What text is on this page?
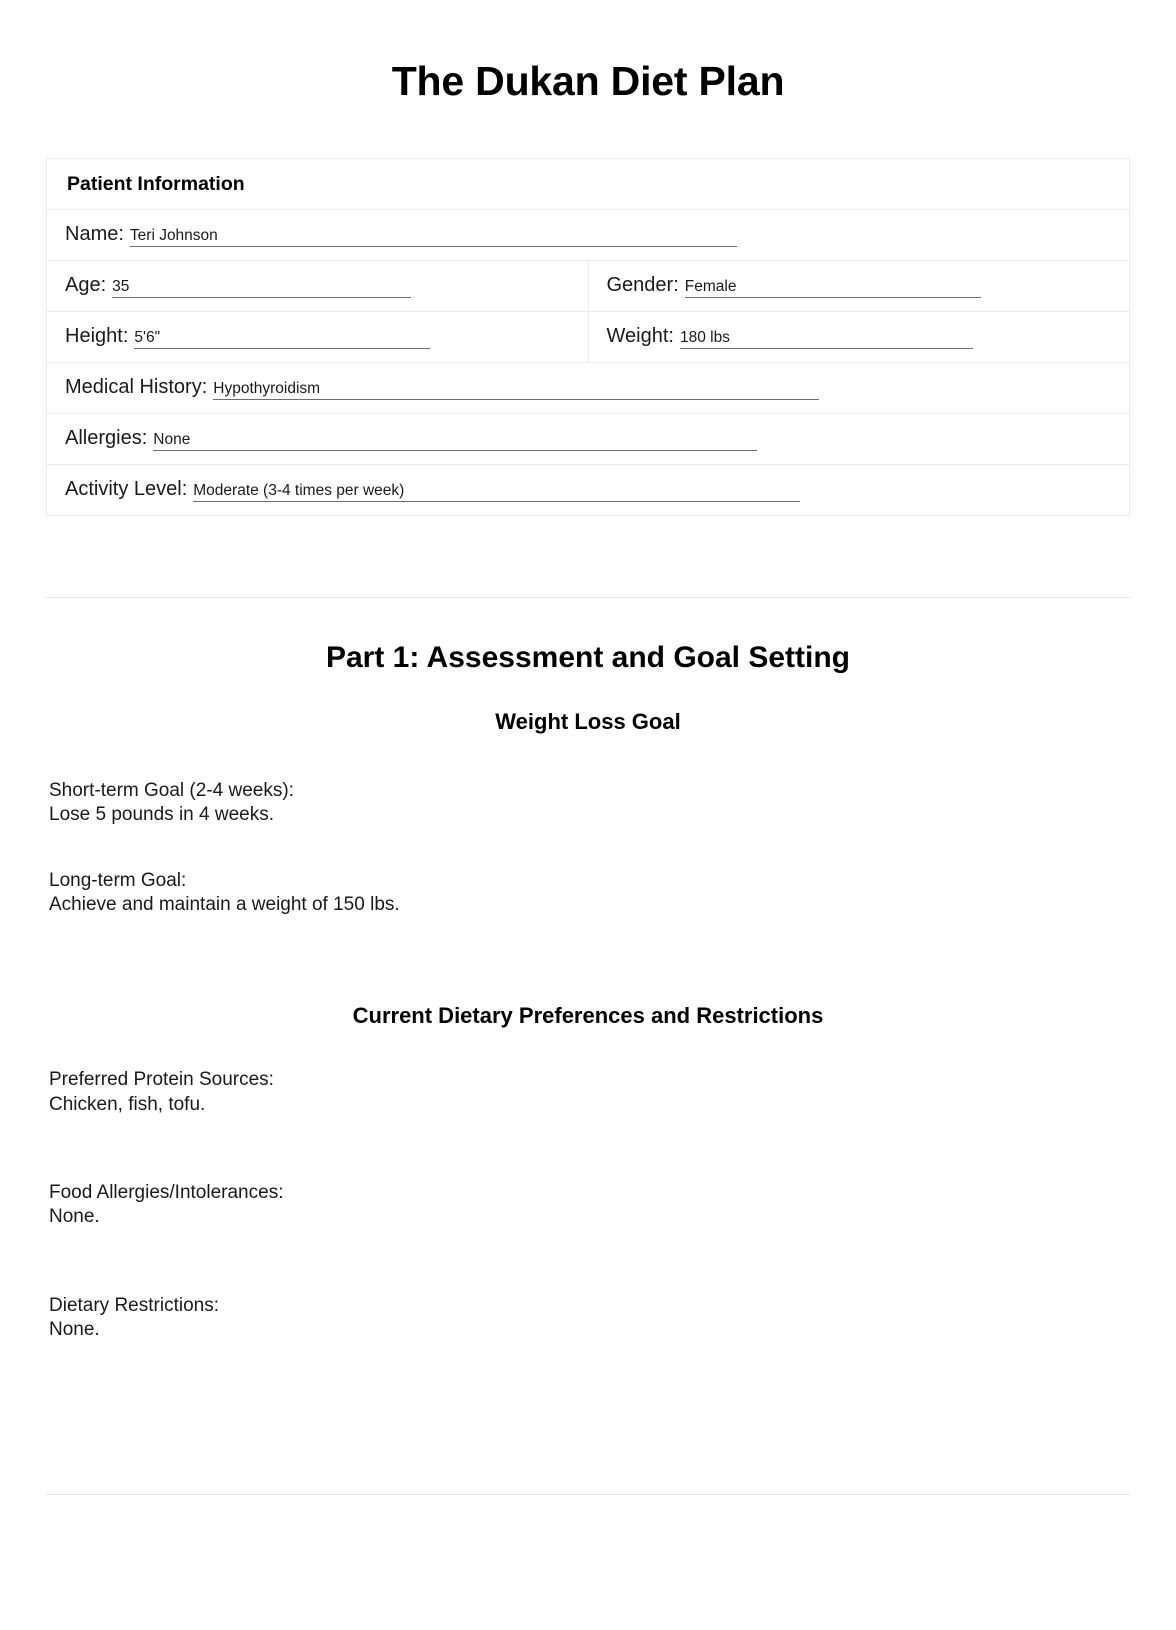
The Dukan Diet Plan
Patient Information	

Name: Teri Johnson	

Age: 35	Gender: Female

Height: 5'6"	Weight: 180 lbs

Medical History: Hypothyroidism	

Allergies: None	

Activity Level: Moderate (3-4 times per week)	
Part 1: Assessment and Goal Setting
Weight Loss Goal
Short-term Goal (2-4 weeks):
Lose 5 pounds in 4 weeks.
Long-term Goal:
Achieve and maintain a weight of 150 lbs.
Current Dietary Preferences and Restrictions
Preferred Protein Sources:
Chicken, fish, tofu.
Food Allergies/Intolerances:
None.
Dietary Restrictions:
None.
